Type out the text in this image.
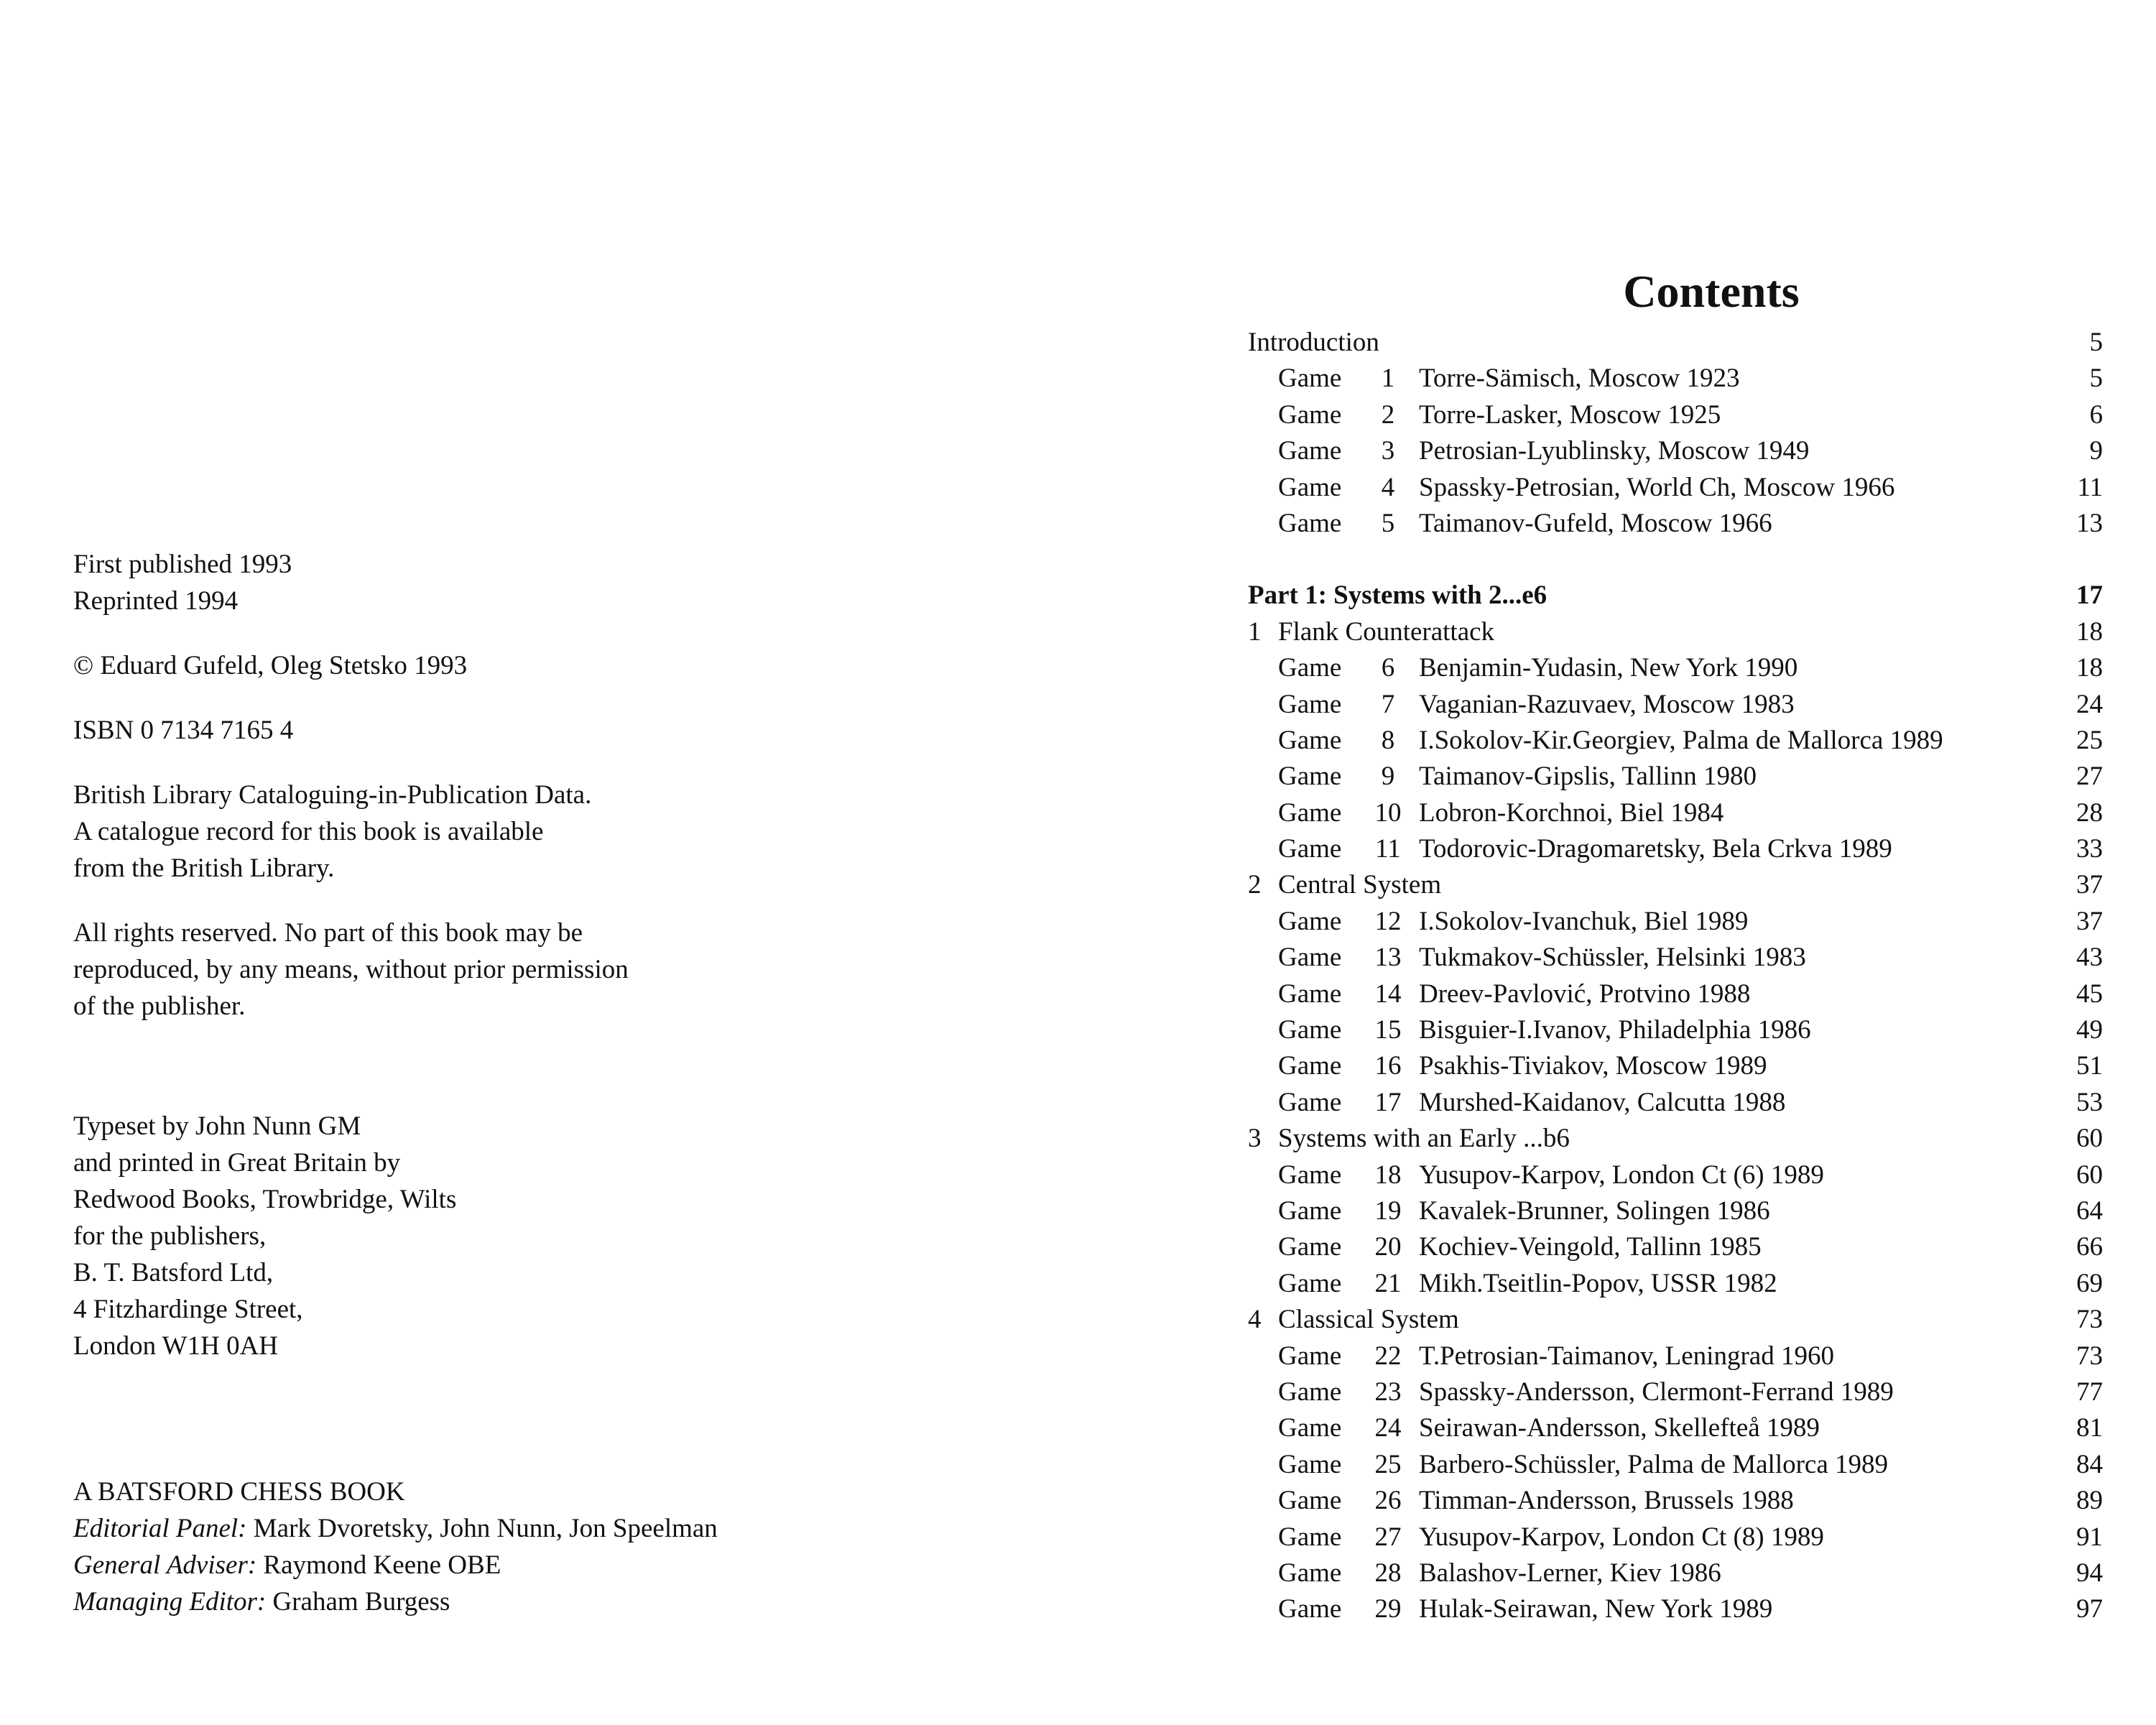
First published 1993
Reprinted 1994
© Eduard Gufeld, Oleg Stetsko 1993
ISBN 0 7134 7165 4
British Library Cataloguing-in-Publication Data.
A catalogue record for this book is available
from the British Library.
All rights reserved. No part of this book may be
reproduced, by any means, without prior permission
of the publisher.
Typeset by John Nunn GM
and printed in Great Britain by
Redwood Books, Trowbridge, Wilts
for the publishers,
B. T. Batsford Ltd,
4 Fitzhardinge Street,
London W1H 0AH
A BATSFORD CHESS BOOK
Editorial Panel: Mark Dvoretsky, John Nunn, Jon Speelman
General Adviser: Raymond Keene OBE
Managing Editor: Graham Burgess
Contents
Introduction	5
Game	1 Torre-Sämisch, Moscow 1923	5
Game	2 Torre-Lasker, Moscow 1925	6
Game	3 Petrosian-Lyublinsky, Moscow 1949	9
Game	4 Spassky-Petrosian, World Ch, Moscow 1966	11
Game	5 Taimanov-Gufeld, Moscow 1966	13
Part 1: Systems with 2...e6	17
1 Flank Counterattack	18
Game	6 Benjamin-Yudasin, New York 1990	18
Game	7 Vaganian-Razuvaev, Moscow 1983	24
Game	8 I.Sokolov-Kir.Georgiev, Palma de Mallorca 1989	25
Game	9 Taimanov-Gipslis, Tallinn 1980	27
Game	10 Lobron-Korchnoi, Biel 1984	28
Game	11 Todorovic-Dragomaretsky, Bela Crkva 1989	33
2 Central System	37
Game	12 I.Sokolov-Ivanchuk, Biel 1989	37
Game	13 Tukmakov-Schüssler, Helsinki 1983	43
Game	14 Dreev-Pavlović, Protvino 1988	45
Game	15 Bisguier-I.Ivanov, Philadelphia 1986	49
Game	16 Psakhis-Tiviakov, Moscow 1989	51
Game	17 Murshed-Kaidanov, Calcutta 1988	53
3 Systems with an Early ...b6	60
Game	18 Yusupov-Karpov, London Ct (6) 1989	60
Game	19 Kavalek-Brunner, Solingen 1986	64
Game	20 Kochiev-Veingold, Tallinn 1985	66
Game	21 Mikh.Tseitlin-Popov, USSR 1982	69
4 Classical System	73
Game	22 T.Petrosian-Taimanov, Leningrad 1960	73
Game	23 Spassky-Andersson, Clermont-Ferrand 1989	77
Game	24 Seirawan-Andersson, Skellefteå 1989	81
Game	25 Barbero-Schüssler, Palma de Mallorca 1989	84
Game	26 Timman-Andersson, Brussels 1988	89
Game	27 Yusupov-Karpov, London Ct (8) 1989	91
Game	28 Balashov-Lerner, Kiev 1986	94
Game	29 Hulak-Seirawan, New York 1989	97
